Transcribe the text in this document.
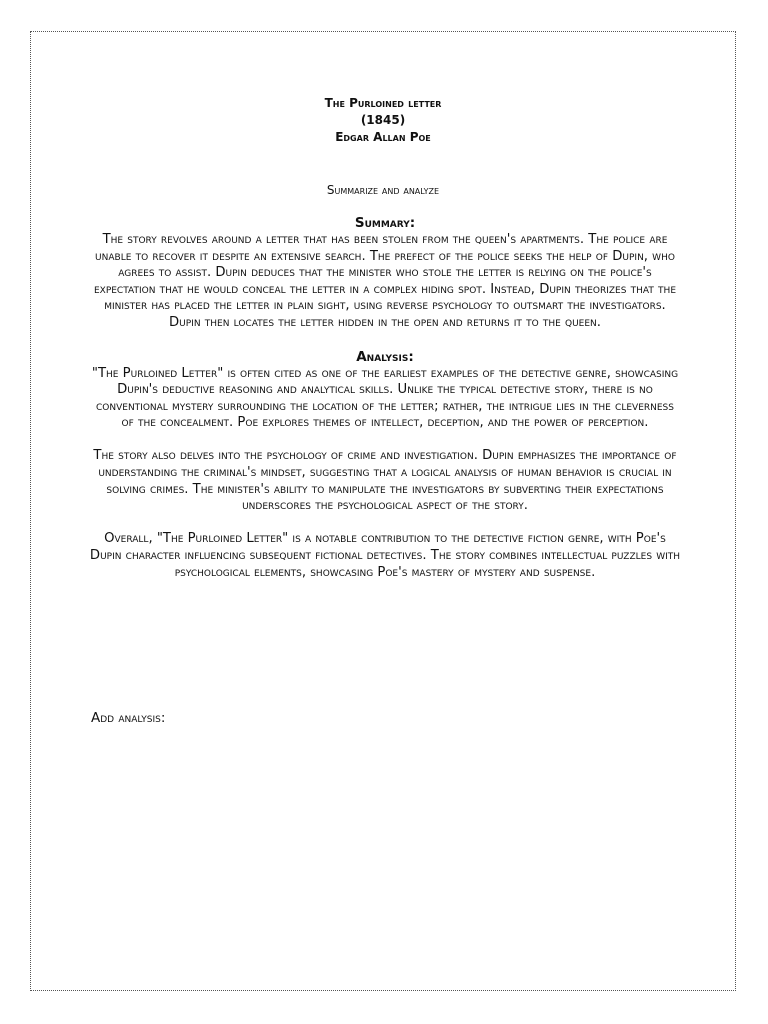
The Purloined letter
(1845)
Edgar Allan Poe
Summarize and analyze
Summary:

The story revolves around a letter that has been stolen from the queen's apartments. The police are unable to recover it despite an extensive search. The prefect of the police seeks the help of Dupin, who agrees to assist. Dupin deduces that the minister who stole the letter is relying on the police's expectation that he would conceal the letter in a complex hiding spot. Instead, Dupin theorizes that the minister has placed the letter in plain sight, using reverse psychology to outsmart the investigators. Dupin then locates the letter hidden in the open and returns it to the queen.

Analysis:

"The Purloined Letter" is often cited as one of the earliest examples of the detective genre, showcasing Dupin's deductive reasoning and analytical skills. Unlike the typical detective story, there is no conventional mystery surrounding the location of the letter; rather, the intrigue lies in the cleverness of the concealment. Poe explores themes of intellect, deception, and the power of perception.

The story also delves into the psychology of crime and investigation. Dupin emphasizes the importance of understanding the criminal's mindset, suggesting that a logical analysis of human behavior is crucial in solving crimes. The minister's ability to manipulate the investigators by subverting their expectations underscores the psychological aspect of the story.

Overall, "The Purloined Letter" is a notable contribution to the detective fiction genre, with Poe's Dupin character influencing subsequent fictional detectives. The story combines intellectual puzzles with psychological elements, showcasing Poe's mastery of mystery and suspense.

Add analysis:
